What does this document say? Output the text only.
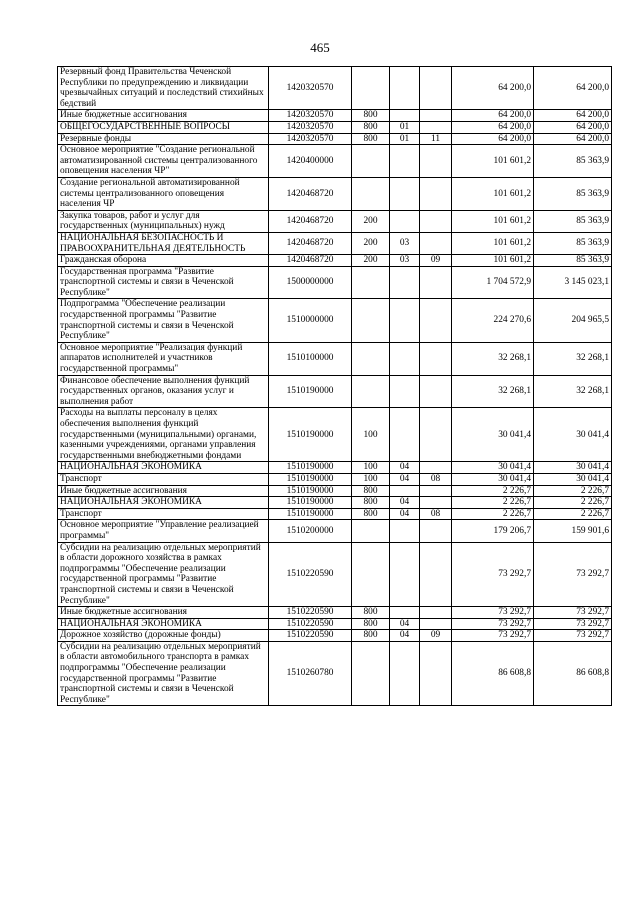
465
Резервный фонд Правительства Чеченской Республики по предупреждению и ликвидации чрезвычайных ситуаций и последствий стихийных бедствий	1420320570				64 200,0	64 200,0
Иные бюджетные ассигнования	1420320570	800			64 200,0	64 200,0
ОБЩЕГОСУДАРСТВЕННЫЕ ВОПРОСЫ	1420320570	800	01		64 200,0	64 200,0
Резервные фонды	1420320570	800	01	11	64 200,0	64 200,0
Основное мероприятие "Создание региональной автоматизированной системы централизованного оповещения населения ЧР"	1420400000				101 601,2	85 363,9
Создание региональной автоматизированной системы централизованного оповещения населения ЧР	1420468720				101 601,2	85 363,9
Закупка товаров, работ и услуг для государственных (муниципальных) нужд	1420468720	200			101 601,2	85 363,9
НАЦИОНАЛЬНАЯ БЕЗОПАСНОСТЬ И ПРАВООХРАНИТЕЛЬНАЯ ДЕЯТЕЛЬНОСТЬ	1420468720	200	03		101 601,2	85 363,9
Гражданская оборона	1420468720	200	03	09	101 601,2	85 363,9
Государственная программа "Развитие транспортной системы и связи в Чеченской Республике"	1500000000				1 704 572,9	3 145 023,1
Подпрограмма "Обеспечение реализации государственной программы "Развитие транспортной системы и связи в Чеченской Республике"	1510000000				224 270,6	204 965,5
Основное мероприятие "Реализация функций аппаратов исполнителей и участников государственной программы"	1510100000				32 268,1	32 268,1
Финансовое обеспечение выполнения функций государственных органов, оказания услуг и выполнения работ	1510190000				32 268,1	32 268,1
Расходы на выплаты персоналу в целях обеспечения выполнения функций государственными (муниципальными) органами, казенными учреждениями, органами управления государственными внебюджетными фондами	1510190000	100			30 041,4	30 041,4
НАЦИОНАЛЬНАЯ ЭКОНОМИКА	1510190000	100	04		30 041,4	30 041,4
Транспорт	1510190000	100	04	08	30 041,4	30 041,4
Иные бюджетные ассигнования	1510190000	800			2 226,7	2 226,7
НАЦИОНАЛЬНАЯ ЭКОНОМИКА	1510190000	800	04		2 226,7	2 226,7
Транспорт	1510190000	800	04	08	2 226,7	2 226,7
Основное мероприятие "Управление реализацией программы"	1510200000				179 206,7	159 901,6
Субсидии на реализацию отдельных мероприятий в области дорожного хозяйства в рамках подпрограммы "Обеспечение реализации государственной программы "Развитие транспортной системы и связи в Чеченской Республике"	1510220590				73 292,7	73 292,7
Иные бюджетные ассигнования	1510220590	800			73 292,7	73 292,7
НАЦИОНАЛЬНАЯ ЭКОНОМИКА	1510220590	800	04		73 292,7	73 292,7
Дорожное хозяйство (дорожные фонды)	1510220590	800	04	09	73 292,7	73 292,7
Субсидии на реализацию отдельных мероприятий в области автомобильного транспорта в рамках подпрограммы "Обеспечение реализации государственной программы "Развитие транспортной системы и связи в Чеченской Республике"	1510260780				86 608,8	86 608,8
